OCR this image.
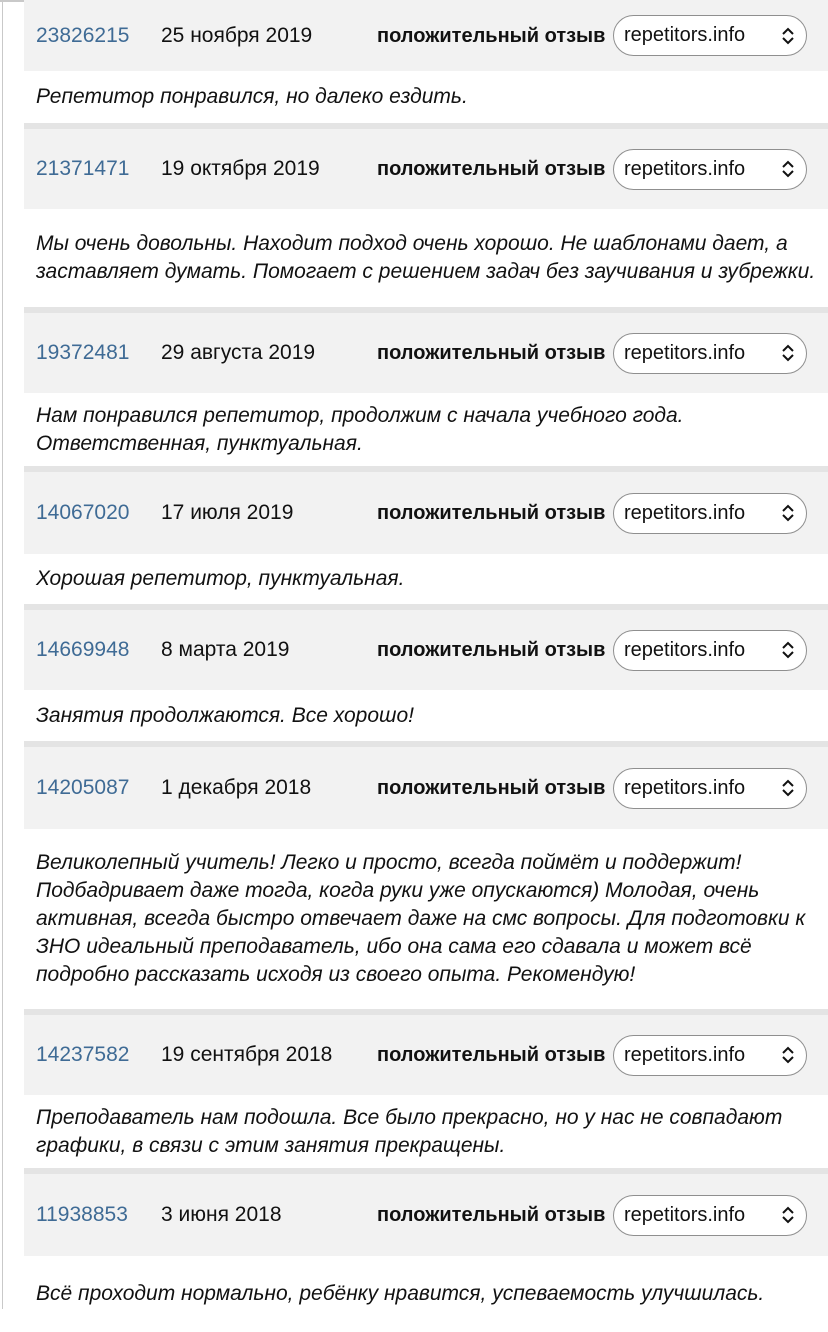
23826215	25 ноября 2019	положительный отзыв repetitors.info
Репетитор понравился, но далеко ездить.
21371471	19 октября 2019	положительный отзыв repetitors.info
Мы очень довольны. Находит подход очень хорошо. Не шаблонами дает, а заставляет думать. Помогает с решением задач без заучивания и зубрежки.
19372481	29 августа 2019	положительный отзыв repetitors.info
Нам понравился репетитор, продолжим с начала учебного года. Ответственная, пунктуальная.
14067020	17 июля 2019	положительный отзыв repetitors.info
Хорошая репетитор, пунктуальная.
14669948	8 марта 2019	положительный отзыв repetitors.info
Занятия продолжаются. Все хорошо!
14205087	1 декабря 2018	положительный отзыв repetitors.info
Великолепный учитель! Легко и просто, всегда поймёт и поддержит! Подбадривает даже тогда, когда руки уже опускаются) Молодая, очень активная, всегда быстро отвечает даже на смс вопросы. Для подготовки к ЗНО идеальный преподаватель, ибо она сама его сдавала и может всё подробно рассказать исходя из своего опыта. Рекомендую!
14237582	19 сентября 2018	положительный отзыв repetitors.info
Преподаватель нам подошла. Все было прекрасно, но у нас не совпадают графики, в связи с этим занятия прекращены.
11938853	3 июня 2018	положительный отзыв repetitors.info
Всё проходит нормально, ребёнку нравится, успеваемость улучшилась.
